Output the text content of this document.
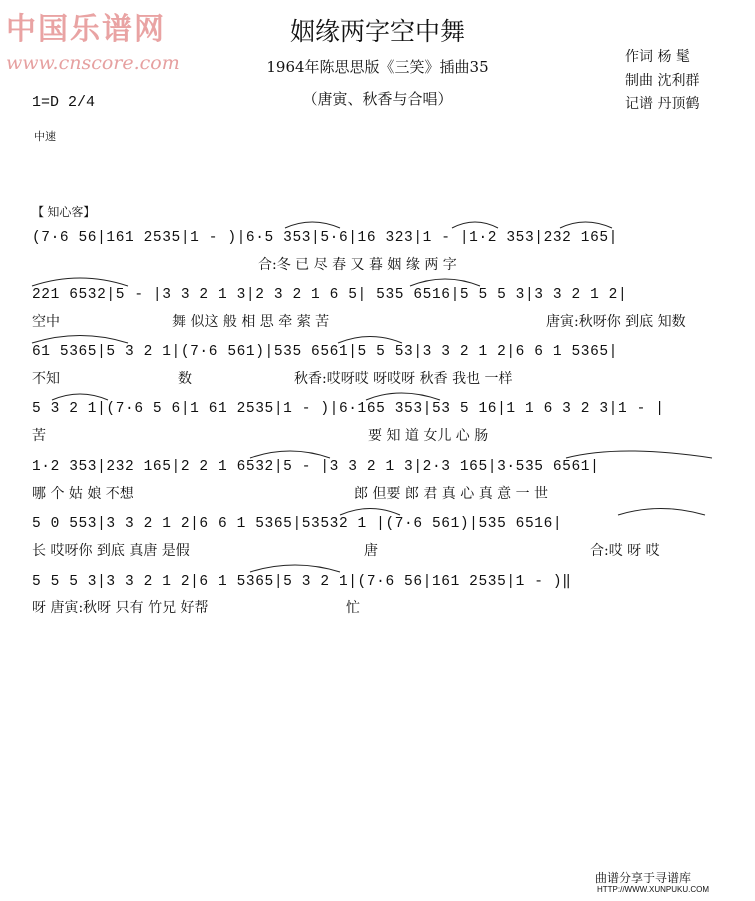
中国乐谱网
www.cnscore.com
姻缘两字空中舞
1964年陈思思版《三笑》插曲35
（唐寅、秋香与合唱）
作词 杨 髦
制曲 沈利群
记谱 丹顶鹤
1=D 2/4
中速
【 知心客】
(7·6 56|161 2535|1 - )|6·5 353|5·6|16 323|1 - |1·2 353|232 165|
合:冬 已 尽 春 又 暮 姻 缘 两 字
221 6532|5 - |3 3 2 1 3|2 3 2 1 6 5| 535 6516|5 5 5 3|3 3 2 1 2|
空中	舞 似这 般 相 思 牵 萦 苦	唐寅:秋呀你 到底 知数
61 5365|5 3 2 1|(7·6 561)|535 6561|5 5 53|3 3 2 1 2|6 6 1 5365|
不知	数	秋香:哎呀哎 呀哎呀 秋香 我也 一样
5 3 2 1|(7·6 5 6|1 61 2535|1 - )|6·165 353|53 5 16|1 1 6 3 2 3|1 - |
苦	要 知 道 女儿 心 肠
1·2 353|232 165|2 2 1 6532|5 - |3 3 2 1 3|2·3 165|3·535 6561|
哪 个 姑 娘 不想	郎 但要 郎 君 真 心 真 意 一 世
5 0 553|3 3 2 1 2|6 6 1 5365|53532 1 |(7·6 561)|535 6516|
长 哎呀你 到底 真唐 是假	唐	合:哎 呀 哎
5 5 5 3|3 3 2 1 2|6 1 5365|5 3 2 1|(7·6 56|161 2535|1 - )‖
呀 唐寅:秋呀 只有 竹兄 好帮	忙
曲谱分享于寻谱库
HTTP://WWW.XUNPUKU.COM
